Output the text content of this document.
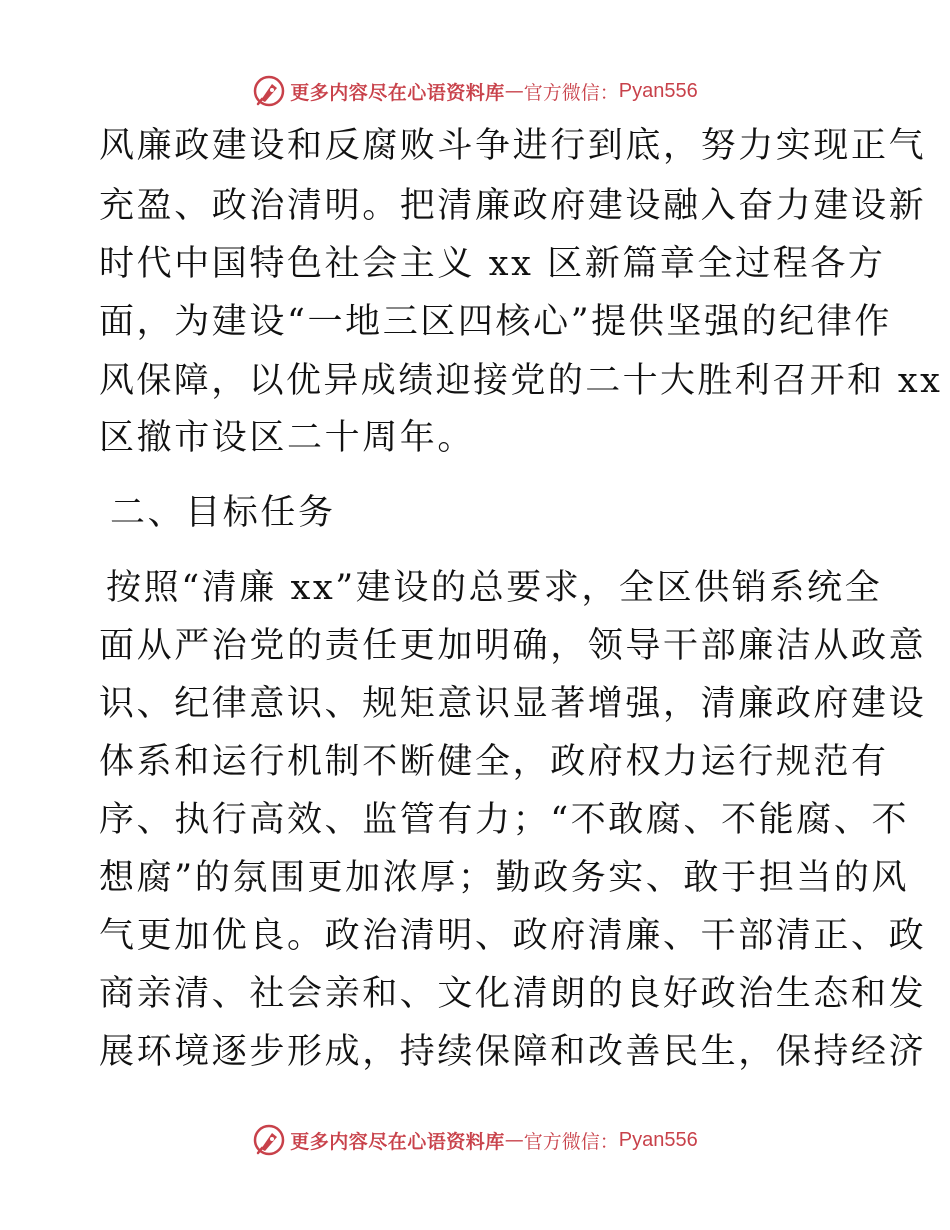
更多内容尽在心语资料库 — 官方微信： Pyan556
风廉政建设和反腐败斗争进行到底，努力实现正气
充盈、政治清明。把清廉政府建设融入奋力建设新
时代中国特色社会主义 xx 区新篇章全过程各方
面，为建设“一地三区四核心”提供坚强的纪律作
风保障，以优异成绩迎接党的二十大胜利召开和 xx
区撤市设区二十周年。
二、目标任务
按照“清廉 xx”建设的总要求，全区供销系统全
面从严治党的责任更加明确，领导干部廉洁从政意
识、纪律意识、规矩意识显著增强，清廉政府建设
体系和运行机制不断健全，政府权力运行规范有
序、执行高效、监管有力；“不敢腐、不能腐、不
想腐”的氛围更加浓厚；勤政务实、敢于担当的风
气更加优良。政治清明、政府清廉、干部清正、政
商亲清、社会亲和、文化清朗的良好政治生态和发
展环境逐步形成，持续保障和改善民生，保持经济
更多内容尽在心语资料库 — 官方微信： Pyan556
